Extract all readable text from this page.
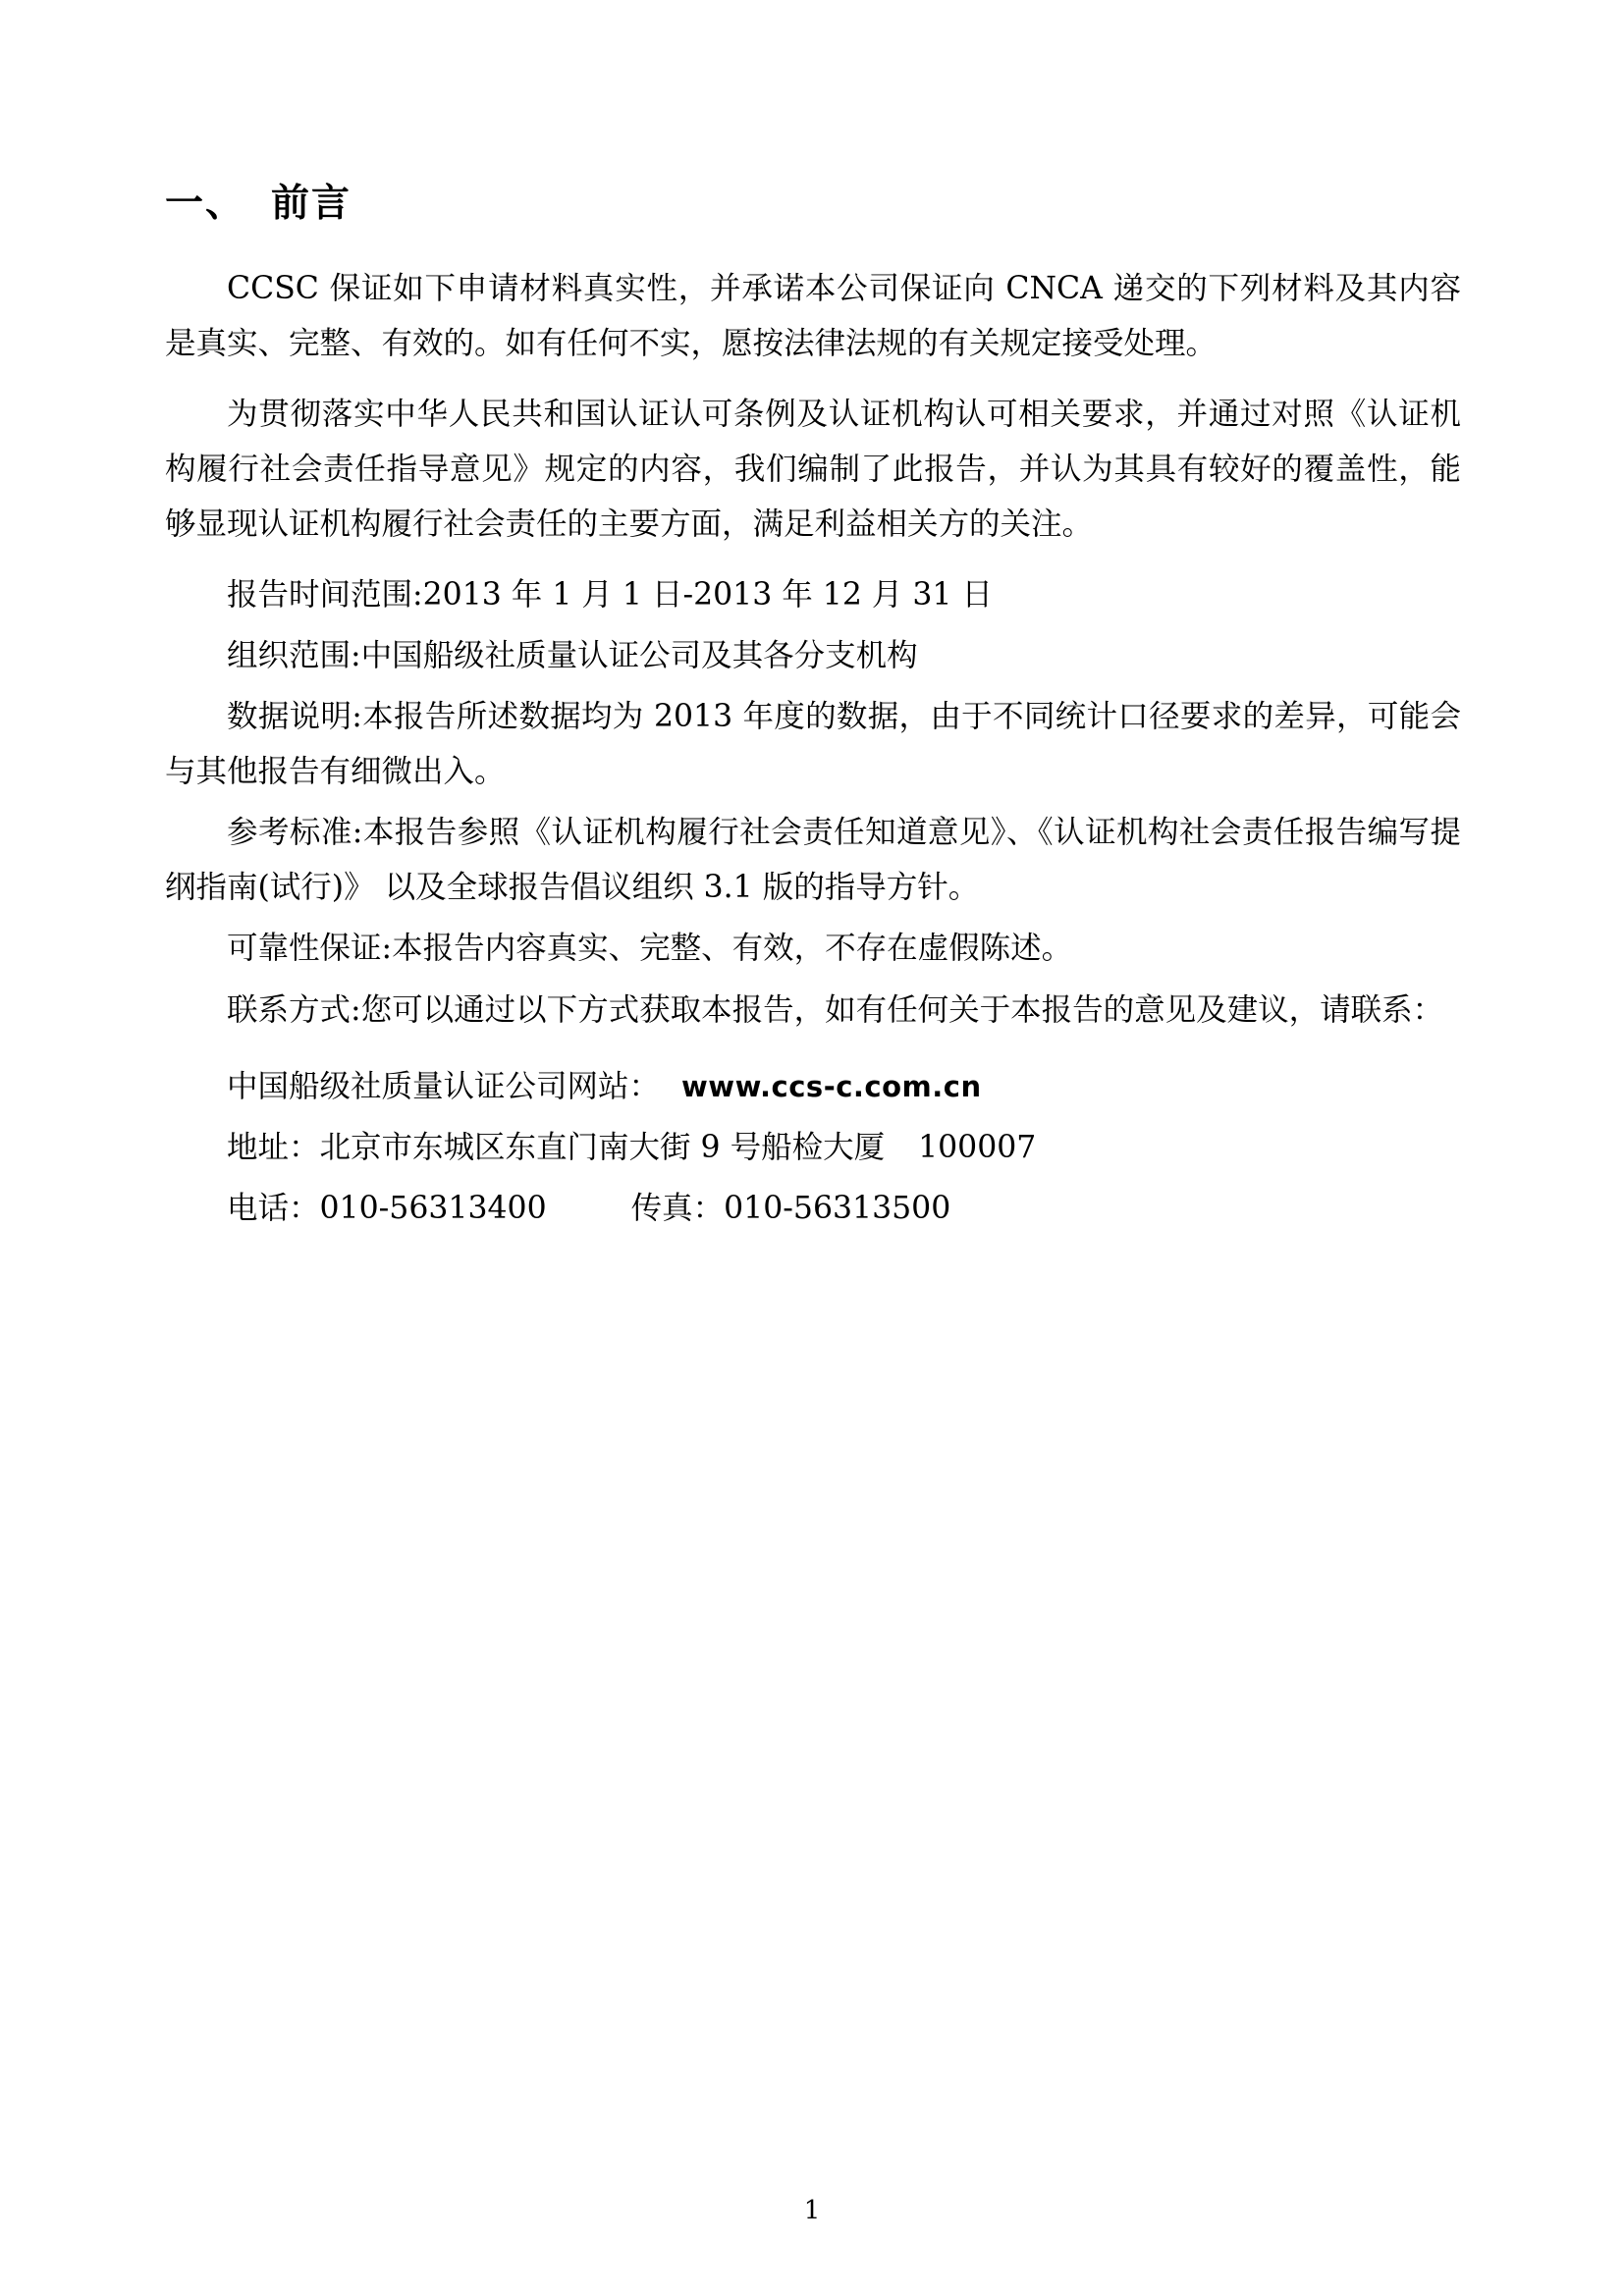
一、 前言

CCSC 保证如下申请材料真实性，并承诺本公司保证向 CNCA 递交的下列材料及其内容是真实、完整、有效的。如有任何不实，愿按法律法规的有关规定接受处理。

为贯彻落实中华人民共和国认证认可条例及认证机构认可相关要求，并通过对照《认证机构履行社会责任指导意见》规定的内容，我们编制了此报告，并认为其具有较好的覆盖性，能够显现认证机构履行社会责任的主要方面，满足利益相关方的关注。

报告时间范围:2013 年 1 月 1 日-2013 年 12 月 31 日

组织范围:中国船级社质量认证公司及其各分支机构

数据说明:本报告所述数据均为 2013 年度的数据，由于不同统计口径要求的差异，可能会与其他报告有细微出入。

参考标准:本报告参照《认证机构履行社会责任知道意见》、《认证机构社会责任报告编写提纲指南(试行)》 以及全球报告倡议组织 3.1 版的指导方针。

可靠性保证:本报告内容真实、完整、有效，不存在虚假陈述。

联系方式:您可以通过以下方式获取本报告，如有任何关于本报告的意见及建议，请联系：

中国船级社质量认证公司网站： www.ccs-c.com.cn
地址：北京市东城区东直门南大街 9 号船检大厦 100007
电话：010-56313400	传真：010-56313500
1
